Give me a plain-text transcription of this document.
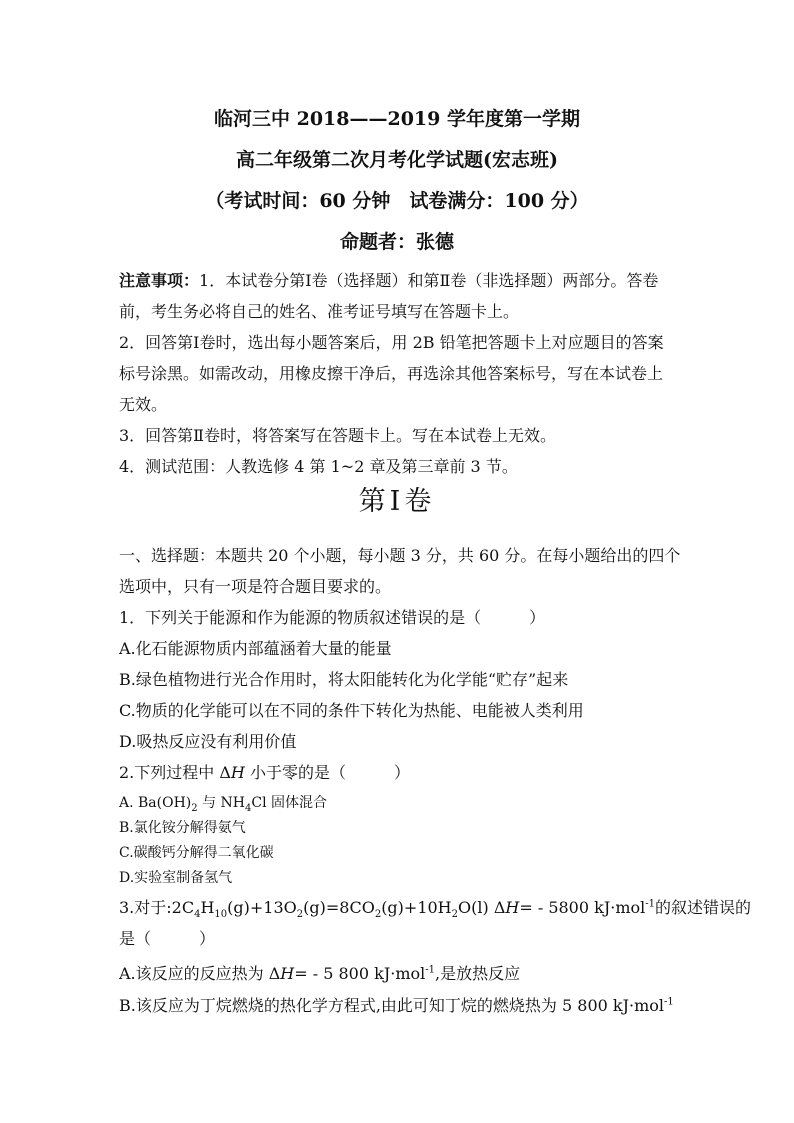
临河三中 2018——2019 学年度第一学期
高二年级第二次月考化学试题(宏志班)
（考试时间：60 分钟　试卷满分：100 分）
命题者：张德
注意事项：1．本试卷分第Ⅰ卷（选择题）和第Ⅱ卷（非选择题）两部分。答卷
前，考生务必将自己的姓名、准考证号填写在答题卡上。
2．回答第Ⅰ卷时，选出每小题答案后，用 2B 铅笔把答题卡上对应题目的答案
标号涂黑。如需改动，用橡皮擦干净后，再选涂其他答案标号，写在本试卷上
无效。
3．回答第Ⅱ卷时，将答案写在答题卡上。写在本试卷上无效。
4．测试范围：人教选修 4 第 1~2 章及第三章前 3 节。
第Ⅰ卷
一、选择题：本题共 20 个小题，每小题 3 分，共 60 分。在每小题给出的四个
选项中，只有一项是符合题目要求的。
1．下列关于能源和作为能源的物质叙述错误的是（　　　）
A.化石能源物质内部蕴涵着大量的能量
B.绿色植物进行光合作用时，将太阳能转化为化学能“贮存”起来
C.物质的化学能可以在不同的条件下转化为热能、电能被人类利用
D.吸热反应没有利用价值
2.下列过程中 ΔH 小于零的是（　　　）
A. $Ba(OH)_2$ 与 $NH_4Cl$ 固体混合
B.氯化铵分解得氨气
C.碳酸钙分解得二氧化碳
D.实验室制备氢气
3.对于$:2C_4H_{10}(g)+13O_2(g)=8CO_2(g)+10H_2O(l)$ ΔH= - 5800 kJ·mol$^{-1}$的叙述错误的
是（　　　）
A.该反应的反应热为 ΔH= - 5 800 kJ·mol$^{-1}$,是放热反应
B.该反应为丁烷燃烧的热化学方程式,由此可知丁烷的燃烧热为 5 800 kJ·mol$^{-1}$
